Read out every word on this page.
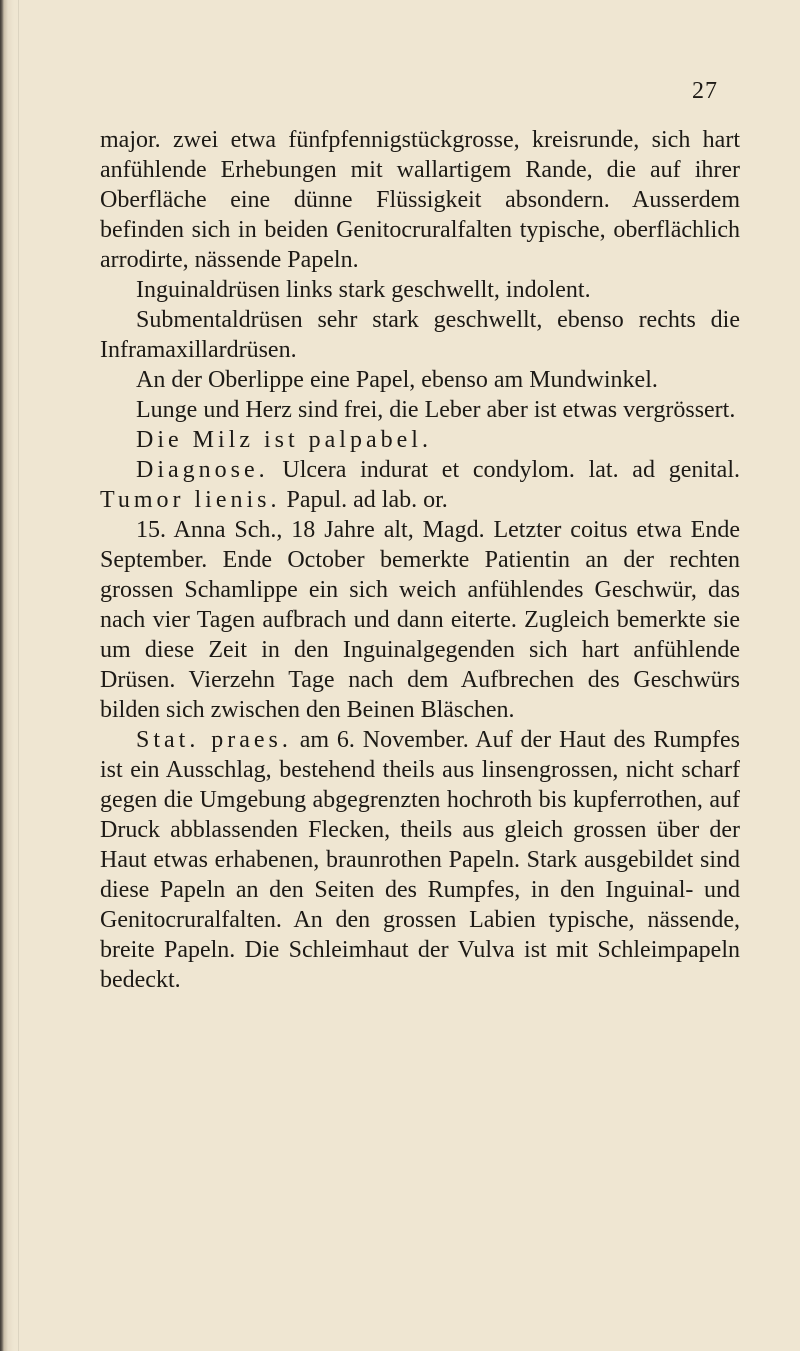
27

major. zwei etwa fünfpfennigstückgrosse, kreisrunde, sich hart anfühlende Erhebungen mit wallartigem Rande, die auf ihrer Oberfläche eine dünne Flüssigkeit absondern. Ausserdem befinden sich in beiden Genitocruralfalten typische, oberflächlich arrodirte, nässende Papeln.

Inguinaldrüsen links stark geschwellt, indolent.

Submentaldrüsen sehr stark geschwellt, ebenso rechts die Inframaxillardrüsen.

An der Oberlippe eine Papel, ebenso am Mundwinkel.

Lunge und Herz sind frei, die Leber aber ist etwas vergrössert.

Die Milz ist palpabel.

Diagnose. Ulcera indurat et condylom. lat. ad genital. Tumor lienis. Papul. ad lab. or.

15. Anna Sch., 18 Jahre alt, Magd. Letzter coitus etwa Ende September. Ende October bemerkte Patientin an der rechten grossen Schamlippe ein sich weich anfühlendes Geschwür, das nach vier Tagen aufbrach und dann eiterte. Zugleich bemerkte sie um diese Zeit in den Inguinalgegenden sich hart anfühlende Drüsen. Vierzehn Tage nach dem Aufbrechen des Geschwürs bilden sich zwischen den Beinen Bläschen.

Stat. praes. am 6. November. Auf der Haut des Rumpfes ist ein Ausschlag, bestehend theils aus linsengrossen, nicht scharf gegen die Umgebung abgegrenzten hochroth bis kupferrothen, auf Druck abblassenden Flecken, theils aus gleich grossen über der Haut etwas erhabenen, braunrothen Papeln. Stark ausgebildet sind diese Papeln an den Seiten des Rumpfes, in den Inguinal- und Genitocruralfalten. An den grossen Labien typische, nässende, breite Papeln. Die Schleimhaut der Vulva ist mit Schleimpapeln bedeckt.
